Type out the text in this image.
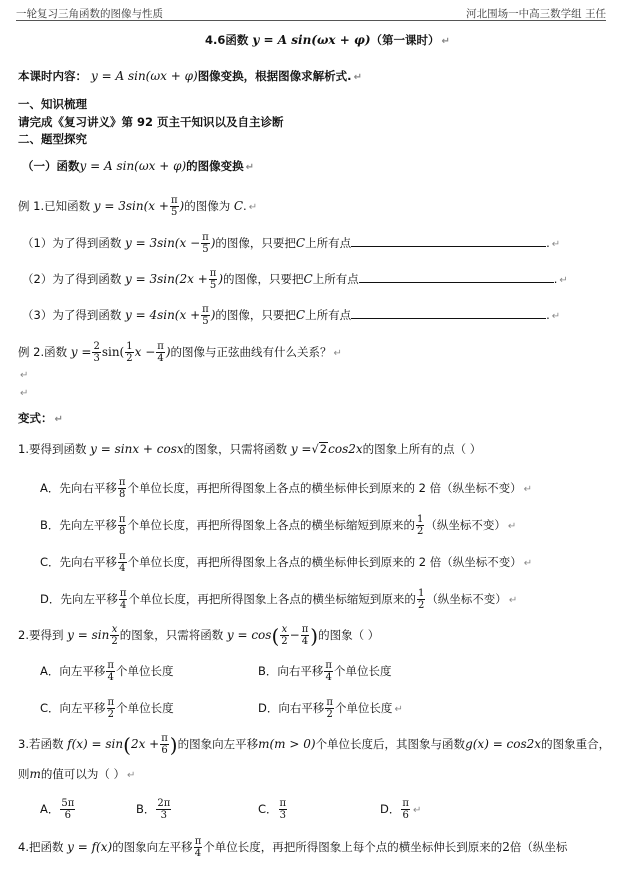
一轮复习三角函数的图像与性质	河北围场一中高三数学组 王任
4.6函数 y = A sin(ωx + φ)（第一课时） ↵
本课时内容： y = A sin(ωx + φ)图像变换，根据图像求解析式. ↵
一、知识梳理
请完成《复习讲义》第 92 页主干知识以及自主诊断
二、题型探究
（一）函数y = A sin(ωx + φ)的图像变换 ↵
例 1.已知函数 $y = 3\sin(x + \frac{\pi}{5}$ )的图像为 C. ↵
（1）为了得到函数 $y = 3\sin(x - \frac{\pi}{5}$ )的图像，只要把C上所有点	. ↵
（2）为了得到函数 $y = 3\sin(2x + \frac{\pi}{5}$ )的图像，只要把C上所有点	. ↵
（3）为了得到函数 $y = 4\sin(x + \frac{\pi}{5}$ )的图像，只要把C上所有点	. ↵
例 2.函数 $y = \frac{2}{3} \sin( \frac{1}{2}$ $x - \frac{\pi}{4}$ )的图像与正弦曲线有什么关系？ ↵
↵
↵
变式： ↵
1.要得到函数 y = sinx + cosx的图象，只需将函数 y =√2cos2x的图象上所有的点（ ）
A．先向右平移 $\frac{\pi}{8}$ 个单位长度，再把所得图象上各点的横坐标伸长到原来的 2 倍（纵坐标不变） ↵
B．先向左平移 $\frac{\pi}{8}$ 个单位长度，再把所得图象上各点的横坐标缩短到原来的 $\frac{1}{2}$ （纵坐标不变） ↵
C．先向右平移 $\frac{\pi}{4}$ 个单位长度，再把所得图象上各点的横坐标伸长到原来的 2 倍（纵坐标不变） ↵
D．先向左平移 $\frac{\pi}{4}$ 个单位长度，再把所得图象上各点的横坐标缩短到原来的 $\frac{1}{2}$ （纵坐标不变） ↵
2.要得到 $y = \sin \frac{x}{2}$ 的图象，只需将函数 $y = \cos( \frac{x}{2} - \frac{\pi}{4}$ )的图象（ ）
A．向左平移 $\frac{\pi}{4}$ 个单位长度	B．向右平移 $\frac{\pi}{4}$ 个单位长度
C．向左平移 $\frac{\pi}{2}$ 个单位长度	D．向右平移 $\frac{\pi}{2}$ 个单位长度 ↵
3.若函数 $f(x) = \sin(2x + \frac{\pi}{6}$ )的图象向左平移m(m > 0)个单位长度后，其图象与函数g(x) = cos2x的图象重合，
则m的值可以为（ ） ↵
A． $\frac{5\pi}{6}$	B． $\frac{2\pi}{3}$	C． $\frac{\pi}{3}$	D． $\frac{\pi}{6}$ ↵
4.把函数 y = f(x)的图象向左平移 $\frac{\pi}{4}$ 个单位长度，再把所得图象上每个点的横坐标伸长到原来的2倍（纵坐标
